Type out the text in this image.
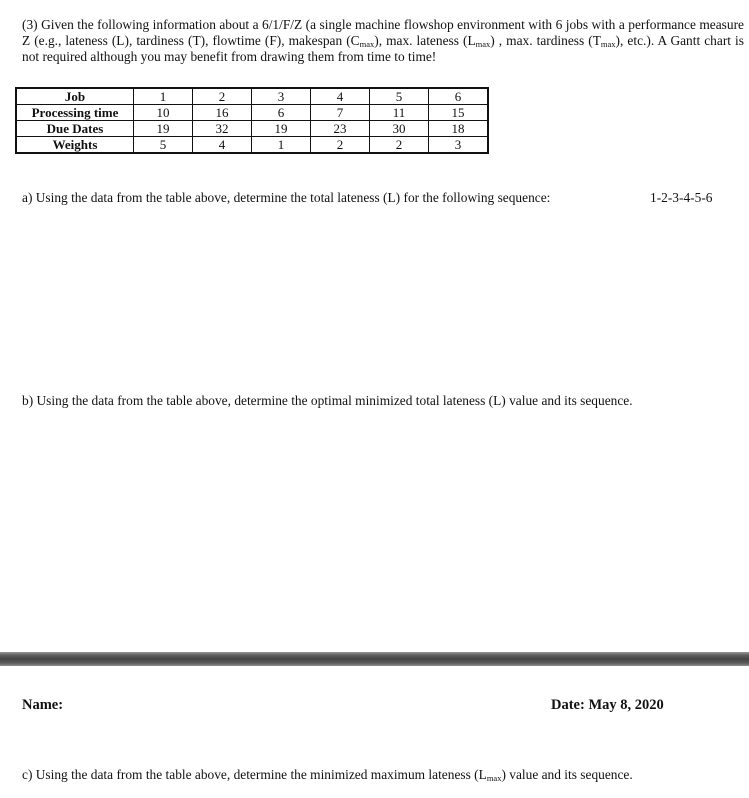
(3) Given the following information about a 6/1/F/Z (a single machine flowshop environment with 6 jobs with a performance measure Z (e.g., lateness (L), tardiness (T), flowtime (F), makespan $(C_{max})$, max. lateness $(L_{max})$ , max. tardiness $(T_{max})$, etc.). A Gantt chart is not required although you may benefit from drawing them from time to time!

Job	1	2	3	4	5	6
Processing time	10	16	6	7	11	15
Due Dates	19	32	19	23	30	18
Weights	5	4	1	2	2	3
a) Using the data from the table above, determine the total lateness (L) for the following sequence:	1-2-3-4-5-6
b) Using the data from the table above, determine the optimal minimized total lateness (L) value and its sequence.
Name:	Date: May 8, 2020
c) Using the data from the table above, determine the minimized maximum lateness $(L_{max})$ value and its sequence.
